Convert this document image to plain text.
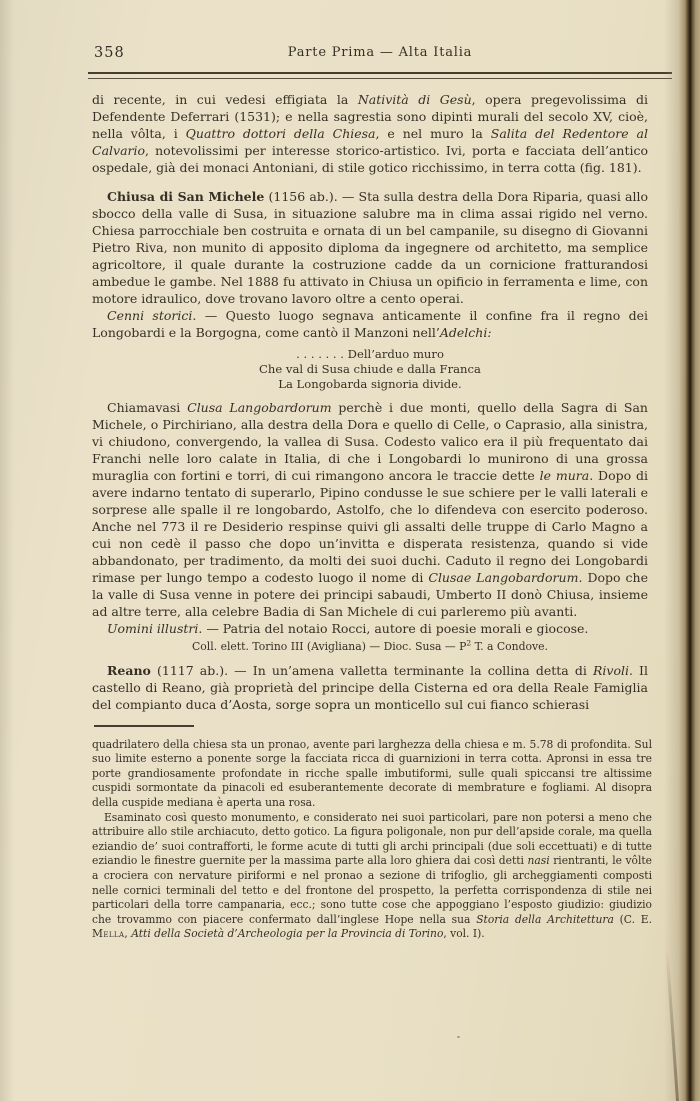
358	Parte Prima — Alta Italia

di recente, in cui vedesi effigiata la Natività di Gesù, opera pregevolissima di Defendente Deferrari (1531); e nella sagrestia sono dipinti murali del secolo XV, cioè, nella vôlta, i Quattro dottori della Chiesa, e nel muro la Salita del Redentore al Calvario, notevolissimi per interesse storico-artistico. Ivi, porta e facciata dell’antico ospedale, già dei monaci Antoniani, di stile gotico ricchissimo, in terra cotta (fig. 181).

Chiusa di San Michele (1156 ab.). — Sta sulla destra della Dora Riparia, quasi allo sbocco della valle di Susa, in situazione salubre ma in clima assai rigido nel verno. Chiesa parrocchiale ben costruita e ornata di un bel campanile, su disegno di Giovanni Pietro Riva, non munito di apposito diploma da ingegnere od architetto, ma semplice agricoltore, il quale durante la costruzione cadde da un cornicione fratturandosi ambedue le gambe. Nel 1888 fu attivato in Chiusa un opificio in ferramenta e lime, con motore idraulico, dove trovano lavoro oltre a cento operai.

Cenni storici. — Questo luogo segnava anticamente il confine fra il regno dei Longobardi e la Borgogna, come cantò il Manzoni nell’Adelchi:

. . . . . . . Dell’arduo muro
Che val di Susa chiude e dalla Franca
La Longobarda signoria divide.

Chiamavasi Clusa Langobardorum perchè i due monti, quello della Sagra di San Michele, o Pirchiriano, alla destra della Dora e quello di Celle, o Caprasio, alla sinistra, vi chiudono, convergendo, la vallea di Susa. Codesto valico era il più frequentato dai Franchi nelle loro calate in Italia, di che i Longobardi lo munirono di una grossa muraglia con fortini e torri, di cui rimangono ancora le traccie dette le mura. Dopo di avere indarno tentato di superarlo, Pipino condusse le sue schiere per le valli laterali e sorprese alle spalle il re longobardo, Astolfo, che lo difendeva con esercito poderoso. Anche nel 773 il re Desiderio respinse quivi gli assalti delle truppe di Carlo Magno a cui non cedè il passo che dopo un’invitta e disperata resistenza, quando si vide abbandonato, per tradimento, da molti dei suoi duchi. Caduto il regno dei Longobardi rimase per lungo tempo a codesto luogo il nome di Clusae Langobardorum. Dopo che la valle di Susa venne in potere dei principi sabaudi, Umberto II donò Chiusa, insieme ad altre terre, alla celebre Badia di San Michele di cui parleremo più avanti.

Uomini illustri. — Patria del notaio Rocci, autore di poesie morali e giocose.

Coll. elett. Torino III (Avigliana) — Dioc. Susa — $P^2$ T. a Condove.

Reano (1117 ab.). — In un’amena valletta terminante la collina detta di Rivoli. Il castello di Reano, già proprietà del principe della Cisterna ed ora della Reale Famiglia del compianto duca d’Aosta, sorge sopra un monticello sul cui fianco schierasi

quadrilatero della chiesa sta un pronao, avente pari larghezza della chiesa e m. 5.78 di profondita. Sul suo limite esterno a ponente sorge la facciata ricca di guarnizioni in terra cotta. Apronsi in essa tre porte grandiosamente profondate in ricche spalle imbutiformi, sulle quali spiccansi tre altissime cuspidi sormontate da pinacoli ed esuberantemente decorate di membrature e fogliami. Al disopra della cuspide mediana è aperta una rosa.

Esaminato così questo monumento, e considerato nei suoi particolari, pare non potersi a meno che attribuire allo stile archiacuto, detto gotico. La figura poligonale, non pur dell’apside corale, ma quella eziandio de’ suoi contrafforti, le forme acute di tutti gli archi principali (due soli eccettuati) e di tutte eziandio le finestre guernite per la massima parte alla loro ghiera dai così detti nasi rientranti, le vôlte a crociera con nervature piriformi e nel pronao a sezione di trifoglio, gli archeggiamenti composti nelle cornici terminali del tetto e del frontone del prospetto, la perfetta corrispondenza di stile nei particolari della torre campanaria, ecc.; sono tutte cose che appoggiano l’esposto giudizio: giudizio che trovammo con piacere confermato dall’inglese Hope nella sua Storia della Architettura (C. E. Mella, Atti della Società d’Archeologia per la Provincia di Torino, vol. I).
